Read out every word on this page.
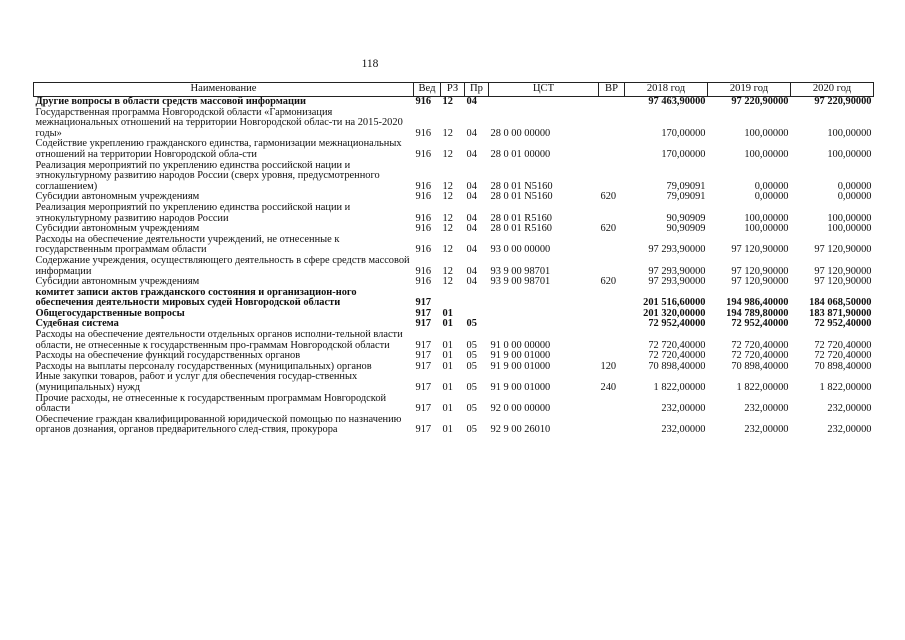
118
Наименование	Вед	РЗ	Пр	ЦСТ	ВР	2018 год	2019 год	2020 год
Другие вопросы в области средств массовой информации	916	12	04			97 463,90000	97 220,90000	97 220,90000
Государственная программа Новгородской области «Гармонизация межнациональных отношений на территории Новгородской облас-ти на 2015-2020 годы»	916	12	04	28 0 00 00000		170,00000	100,00000	100,00000
Содействие укреплению гражданского единства, гармонизации межнациональных отношений на территории Новгородской обла-сти	916	12	04	28 0 01 00000		170,00000	100,00000	100,00000
Реализация мероприятий по укреплению единства российской нации и этнокультурному развитию народов России (сверх уровня, предусмотренного соглашением)	916	12	04	28 0 01 N5160		79,09091	0,00000	0,00000
Субсидии автономным учреждениям	916	12	04	28 0 01 N5160	620	79,09091	0,00000	0,00000
Реализация мероприятий по укреплению единства российской нации и этнокультурному развитию народов России	916	12	04	28 0 01 R5160		90,90909	100,00000	100,00000
Субсидии автономным учреждениям	916	12	04	28 0 01 R5160	620	90,90909	100,00000	100,00000
Расходы на обеспечение деятельности учреждений, не отнесенные к государственным программам области	916	12	04	93 0 00 00000		97 293,90000	97 120,90000	97 120,90000
Содержание учреждения, осуществляющего деятельность в сфере средств массовой информации	916	12	04	93 9 00 98701		97 293,90000	97 120,90000	97 120,90000
Субсидии автономным учреждениям	916	12	04	93 9 00 98701	620	97 293,90000	97 120,90000	97 120,90000
комитет записи актов гражданского состояния и организацион-ного обеспечения деятельности мировых судей Новгородской области	917					201 516,60000	194 986,40000	184 068,50000
Общегосударственные вопросы	917	01				201 320,00000	194 789,80000	183 871,90000
Судебная система	917	01	05			72 952,40000	72 952,40000	72 952,40000
Расходы на обеспечение деятельности отдельных органов исполни-тельной власти области, не отнесенные к государственным про-граммам Новгородской области	917	01	05	91 0 00 00000		72 720,40000	72 720,40000	72 720,40000
Расходы на обеспечение функций государственных органов	917	01	05	91 9 00 01000		72 720,40000	72 720,40000	72 720,40000
Расходы на выплаты персоналу государственных (муниципальных) органов	917	01	05	91 9 00 01000	120	70 898,40000	70 898,40000	70 898,40000
Иные закупки товаров, работ и услуг для обеспечения государ-ственных (муниципальных) нужд	917	01	05	91 9 00 01000	240	1 822,00000	1 822,00000	1 822,00000
Прочие расходы, не отнесенные к государственным программам Новгородской области	917	01	05	92 0 00 00000		232,00000	232,00000	232,00000
Обеспечение граждан квалифицированной юридической помощью по назначению органов дознания, органов предварительного след-ствия, прокурора	917	01	05	92 9 00 26010		232,00000	232,00000	232,00000
